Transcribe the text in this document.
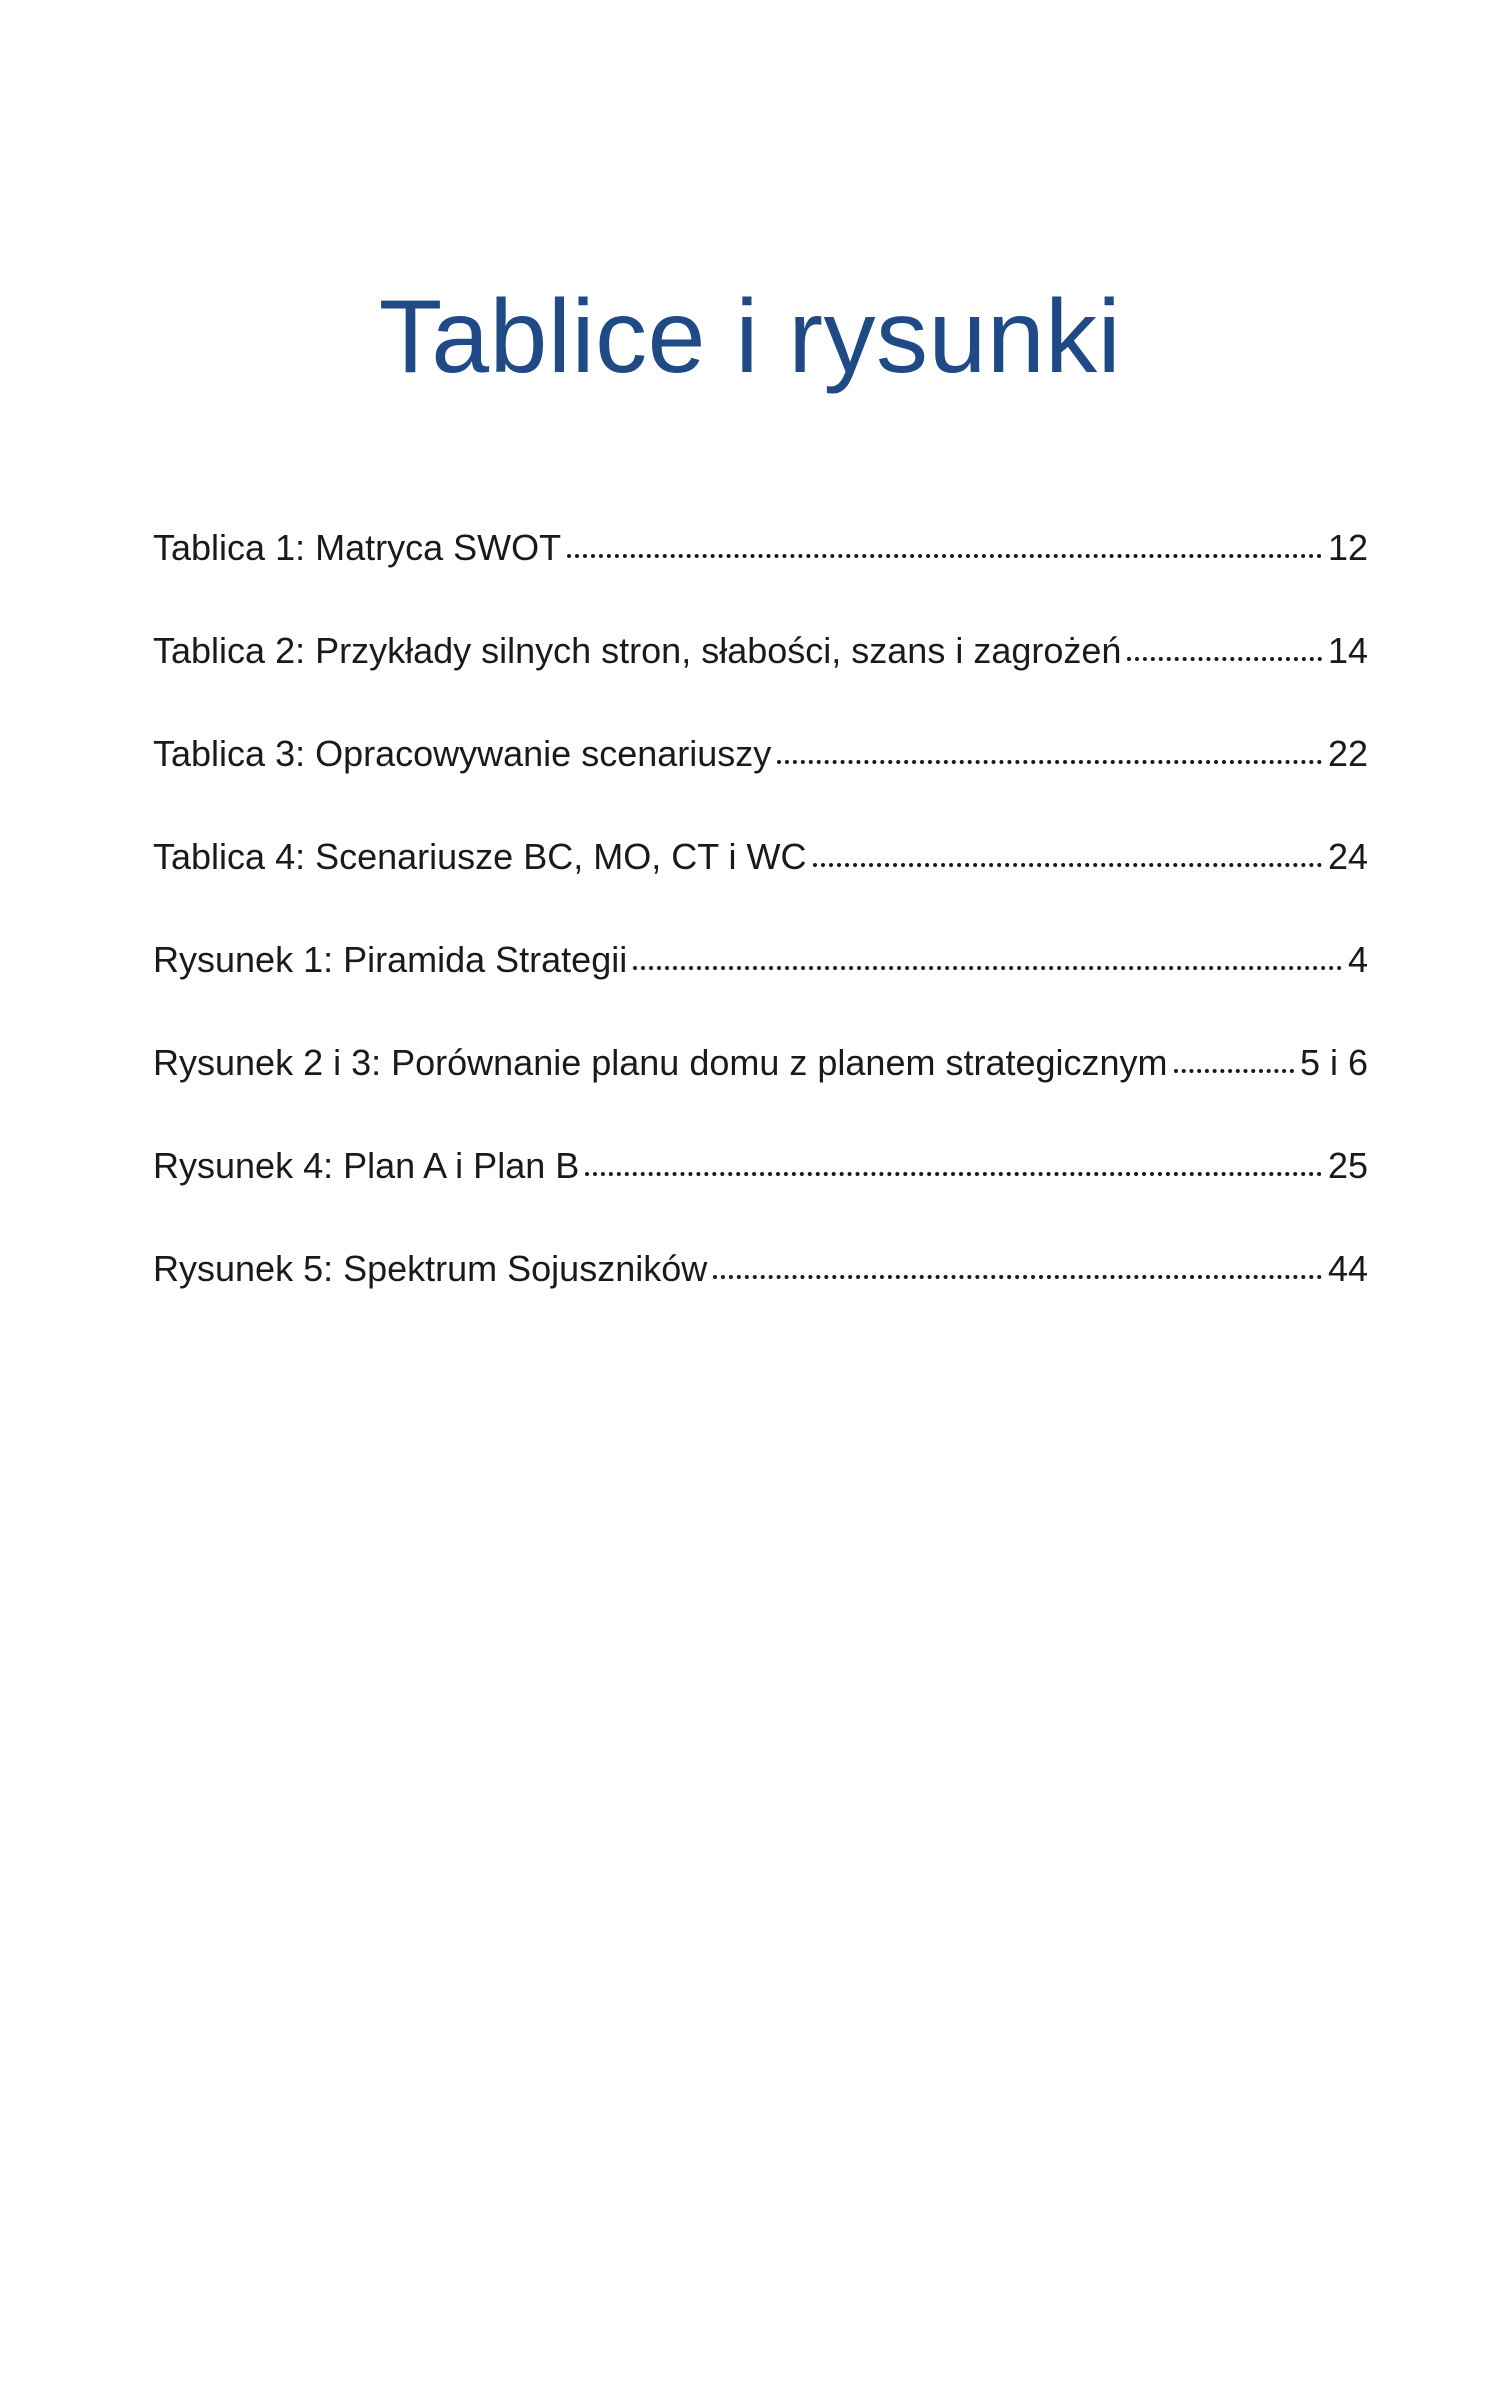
Tablice i rysunki
Tablica 1: Matryca SWOT	12
Tablica 2: Przykłady silnych stron, słabości, szans i zagrożeń	14
Tablica 3: Opracowywanie scenariuszy	22
Tablica 4: Scenariusze BC, MO, CT i WC	24
Rysunek 1: Piramida Strategii	4
Rysunek 2 i 3: Porównanie planu domu z planem strategicznym	5 i 6
Rysunek 4: Plan A i Plan B	25
Rysunek 5: Spektrum Sojuszników	44
